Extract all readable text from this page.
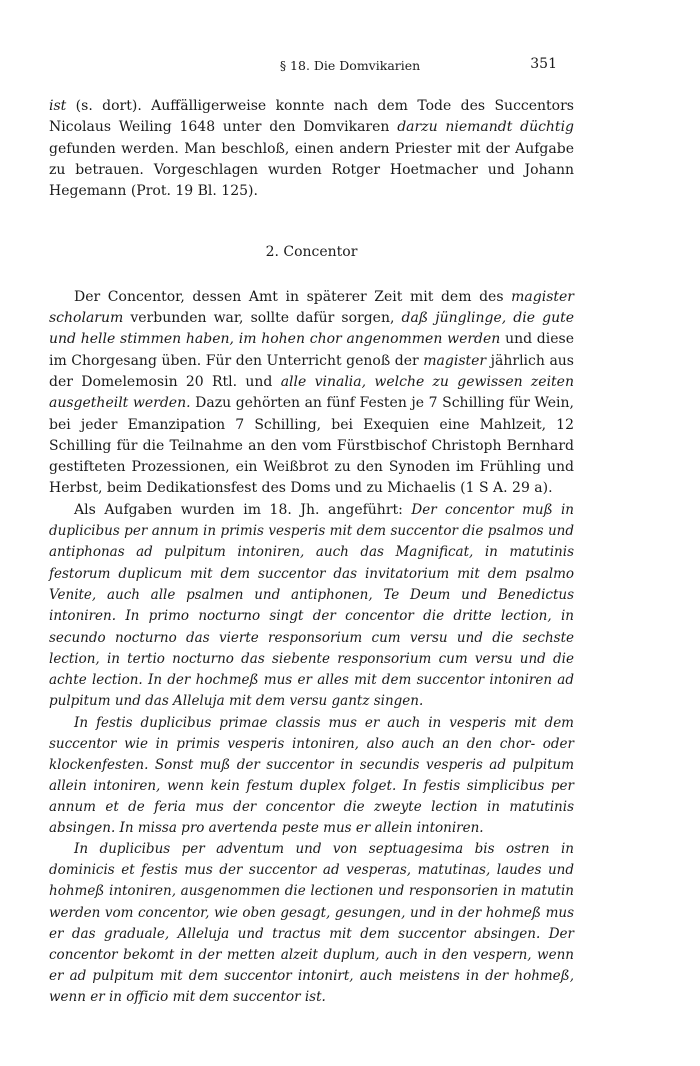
§ 18. Die Domvikarien	351

ist (s. dort). Auffälligerweise konnte nach dem Tode des Succentors Nicolaus Weiling 1648 unter den Domvikaren darzu niemandt düchtig gefunden werden. Man beschloß, einen andern Priester mit der Aufgabe zu betrauen. Vorgeschlagen wurden Rotger Hoetmacher und Johann Hegemann (Prot. 19 Bl. 125).

2. Concentor

Der Concentor, dessen Amt in späterer Zeit mit dem des magister scholarum verbunden war, sollte dafür sorgen, daß jünglinge, die gute und helle stimmen haben, im hohen chor angenommen werden und diese im Chorgesang üben. Für den Unterricht genoß der magister jährlich aus der Domelemosin 20 Rtl. und alle vinalia, welche zu gewissen zeiten ausgetheilt werden. Dazu gehörten an fünf Festen je 7 Schilling für Wein, bei jeder Emanzipation 7 Schilling, bei Exequien eine Mahlzeit, 12 Schilling für die Teilnahme an den vom Fürstbischof Christoph Bernhard gestifteten Prozessionen, ein Weißbrot zu den Synoden im Frühling und Herbst, beim Dedikationsfest des Doms und zu Michaelis (1 S A. 29 a).

Als Aufgaben wurden im 18. Jh. angeführt: Der concentor muß in duplicibus per annum in primis vesperis mit dem succentor die psalmos und antiphonas ad pulpitum intoniren, auch das Magnificat, in matutinis festorum duplicum mit dem succentor das invitatorium mit dem psalmo Venite, auch alle psalmen und antiphonen, Te Deum und Benedictus intoniren. In primo nocturno singt der concentor die dritte lection, in secundo nocturno das vierte responsorium cum versu und die sechste lection, in tertio nocturno das siebente responsorium cum versu und die achte lection. In der hochmeß mus er alles mit dem succentor intoniren ad pulpitum und das Alleluja mit dem versu gantz singen.

In festis duplicibus primae classis mus er auch in vesperis mit dem succentor wie in primis vesperis intoniren, also auch an den chor- oder klockenfesten. Sonst muß der succentor in secundis vesperis ad pulpitum allein intoniren, wenn kein festum duplex folget. In festis simplicibus per annum et de feria mus der concentor die zweyte lection in matutinis absingen. In missa pro avertenda peste mus er allein intoniren.

In duplicibus per adventum und von septuagesima bis ostren in dominicis et festis mus der succentor ad vesperas, matutinas, laudes und hohmeß intoniren, ausgenommen die lectionen und responsorien in matutin werden vom concentor, wie oben gesagt, gesungen, und in der hohmeß mus er das graduale, Alleluja und tractus mit dem succentor absingen. Der concentor bekomt in der metten alzeit duplum, auch in den vespern, wenn er ad pulpitum mit dem succentor intonirt, auch meistens in der hohmeß, wenn er in officio mit dem succentor ist.
